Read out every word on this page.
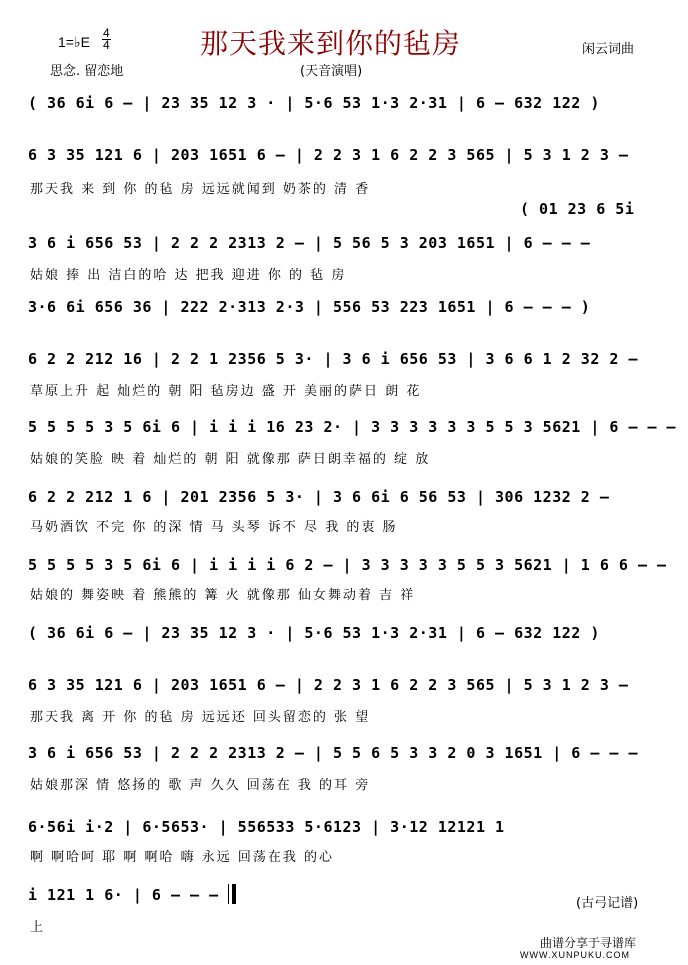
1=♭E $\frac{4}{4}$	那天我来到你的毡房	闲云词曲
思念. 留恋地	(天音演唱)
( 36 6i 6 – | 23 35 12 3 · | 5·6 53 1·3 2·31 | 6 – 632 122 )
6 3 35 121 6 | 203 1651 6 – | 2 2 3 1 6 2 2 3 565 | 5 3 1 2 3 –
那天我 来 到 你 的毡 房 远远就闻到 奶茶的 清 香
( 01 23 6 5i
3 6 i 656 53 | 2 2 2 2313 2 – | 5 56 5 3 203 1651 | 6 – – –
姑娘 捧 出 洁白的哈 达 把我 迎进 你 的 毡 房
3·6 6i 656 36 | 222 2·313 2·3 | 556 53 223 1651 | 6 – – – )
6 2 2 212 16 | 2 2 1 2356 5 3· | 3 6 i 656 53 | 3 6 6 1 2 32 2 –
草原上升 起 灿烂的 朝 阳 毡房边 盛 开 美丽的萨日 朗 花
5 5 5 5 3 5 6i 6 | i i i 16 23 2· | 3 3 3 3 3 3 5 5 3 5621 | 6 – – –
姑娘的笑脸 映 着 灿烂的 朝 阳 就像那 萨日朗幸福的 绽 放
6 2 2 212 1 6 | 201 2356 5 3· | 3 6 6i 6 56 53 | 306 1232 2 –
马奶酒饮 不完 你 的深 情 马 头琴 诉不 尽 我 的衷 肠
5 5 5 5 3 5 6i 6 | i i i i 6 2 – | 3 3 3 3 3 5 5 3 5621 | 1 6 6 – –
姑娘的 舞姿映 着 熊熊的 篝 火 就像那 仙女舞动着 吉 祥
( 36 6i 6 – | 23 35 12 3 · | 5·6 53 1·3 2·31 | 6 – 632 122 )
6 3 35 121 6 | 203 1651 6 – | 2 2 3 1 6 2 2 3 565 | 5 3 1 2 3 –
那天我 离 开 你 的毡 房 远远还 回头留恋的 张 望
3 6 i 656 53 | 2 2 2 2313 2 – | 5 5 6 5 3 3 2 0 3 1651 | 6 – – –
姑娘那深 情 悠扬的 歌 声 久久 回荡在 我 的耳 旁
6·56i i·2 | 6·5653· | 556533 5·6123 | 3·12 12121 1
啊 啊哈呵 耶 啊 啊哈 嗨 永远 回荡在我 的心
i 121 1 6· | 6 – – –
上
(古弓记谱)
曲谱分享于寻谱库
WWW.XUNPUKU.COM
